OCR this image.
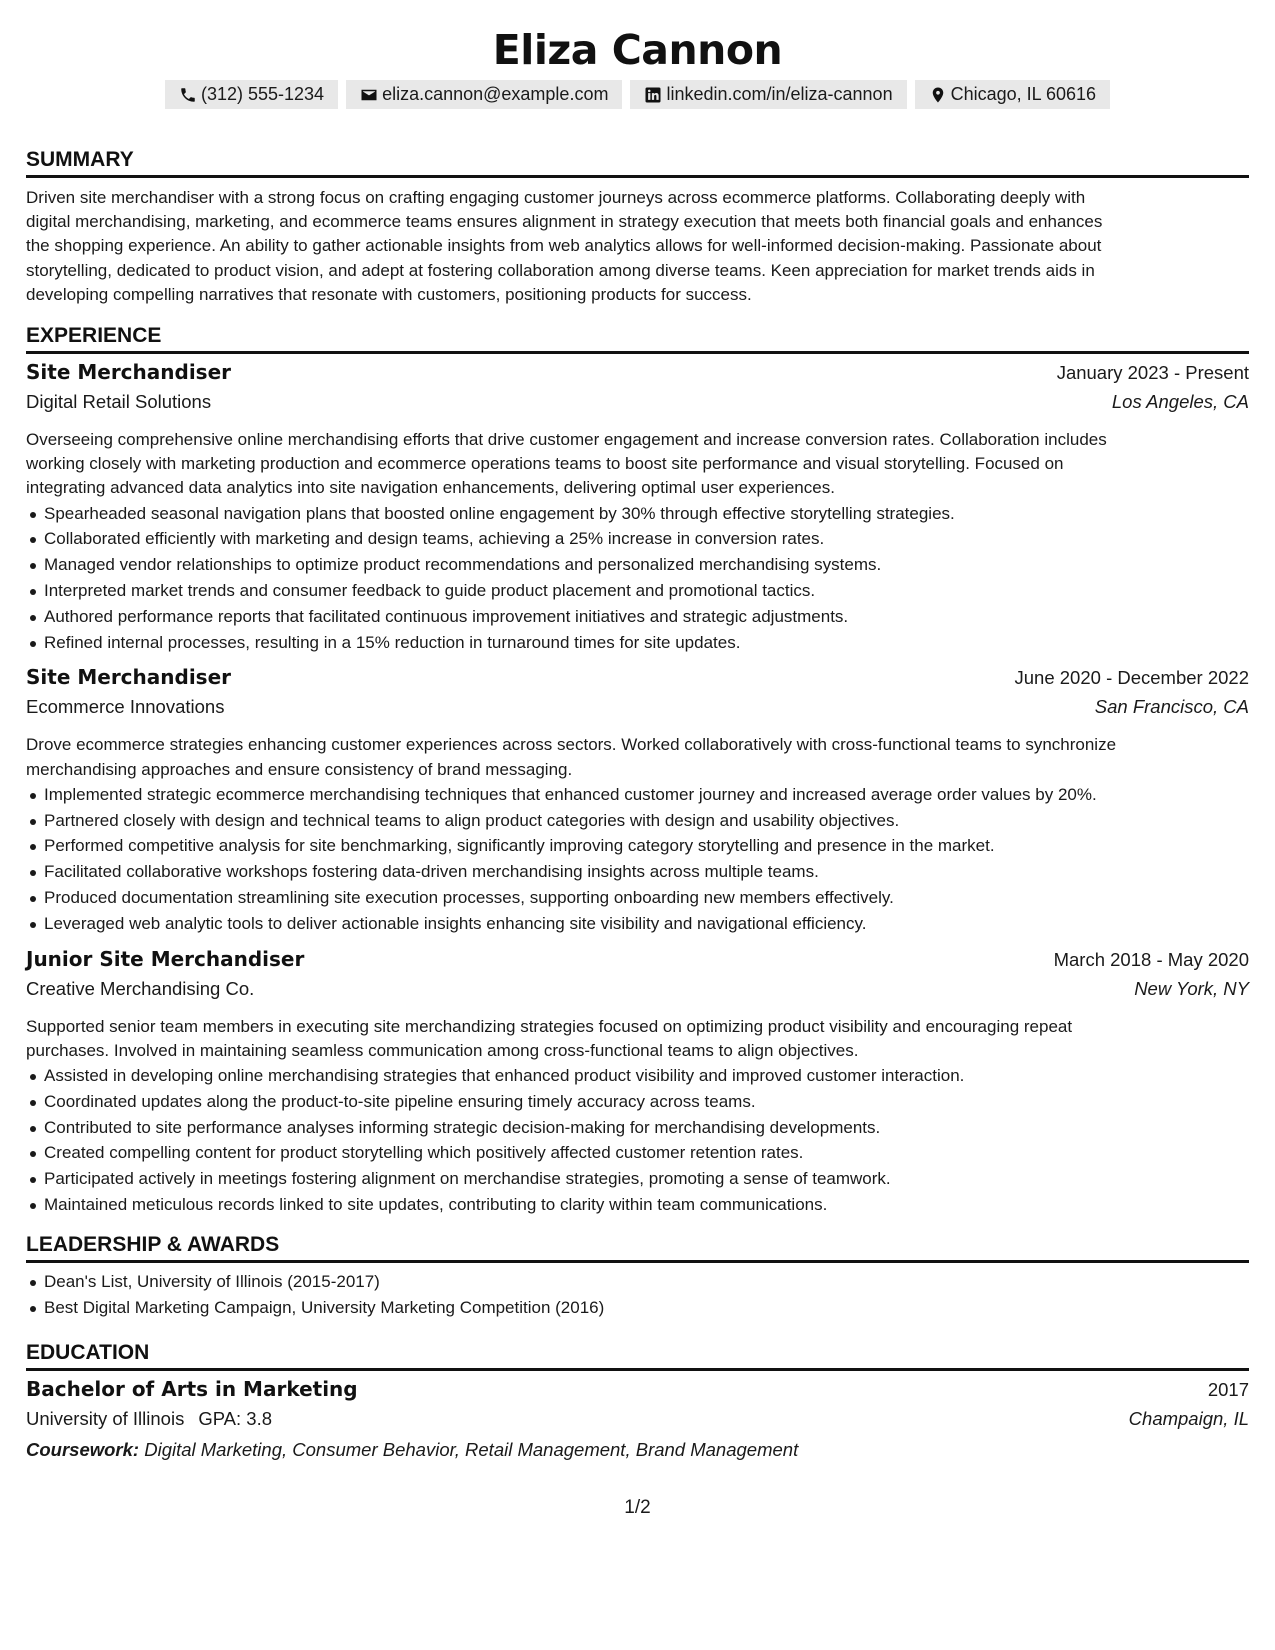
Eliza Cannon
(312) 555-1234	eliza.cannon@example.com	linkedin.com/in/eliza-cannon	Chicago, IL 60616
SUMMARY
Driven site merchandiser with a strong focus on crafting engaging customer journeys across ecommerce platforms. Collaborating deeply with
digital merchandising, marketing, and ecommerce teams ensures alignment in strategy execution that meets both financial goals and enhances
the shopping experience. An ability to gather actionable insights from web analytics allows for well-informed decision-making. Passionate about
storytelling, dedicated to product vision, and adept at fostering collaboration among diverse teams. Keen appreciation for market trends aids in
developing compelling narratives that resonate with customers, positioning products for success.
EXPERIENCE
Site Merchandiser	January 2023 - Present
Digital Retail Solutions	Los Angeles, CA
Overseeing comprehensive online merchandising efforts that drive customer engagement and increase conversion rates. Collaboration includes
working closely with marketing production and ecommerce operations teams to boost site performance and visual storytelling. Focused on
integrating advanced data analytics into site navigation enhancements, delivering optimal user experiences.
Spearheaded seasonal navigation plans that boosted online engagement by 30% through effective storytelling strategies.
Collaborated efficiently with marketing and design teams, achieving a 25% increase in conversion rates.
Managed vendor relationships to optimize product recommendations and personalized merchandising systems.
Interpreted market trends and consumer feedback to guide product placement and promotional tactics.
Authored performance reports that facilitated continuous improvement initiatives and strategic adjustments.
Refined internal processes, resulting in a 15% reduction in turnaround times for site updates.
Site Merchandiser	June 2020 - December 2022
Ecommerce Innovations	San Francisco, CA
Drove ecommerce strategies enhancing customer experiences across sectors. Worked collaboratively with cross-functional teams to synchronize
merchandising approaches and ensure consistency of brand messaging.
Implemented strategic ecommerce merchandising techniques that enhanced customer journey and increased average order values by 20%.
Partnered closely with design and technical teams to align product categories with design and usability objectives.
Performed competitive analysis for site benchmarking, significantly improving category storytelling and presence in the market.
Facilitated collaborative workshops fostering data-driven merchandising insights across multiple teams.
Produced documentation streamlining site execution processes, supporting onboarding new members effectively.
Leveraged web analytic tools to deliver actionable insights enhancing site visibility and navigational efficiency.
Junior Site Merchandiser	March 2018 - May 2020
Creative Merchandising Co.	New York, NY
Supported senior team members in executing site merchandizing strategies focused on optimizing product visibility and encouraging repeat
purchases. Involved in maintaining seamless communication among cross-functional teams to align objectives.
Assisted in developing online merchandising strategies that enhanced product visibility and improved customer interaction.
Coordinated updates along the product-to-site pipeline ensuring timely accuracy across teams.
Contributed to site performance analyses informing strategic decision-making for merchandising developments.
Created compelling content for product storytelling which positively affected customer retention rates.
Participated actively in meetings fostering alignment on merchandise strategies, promoting a sense of teamwork.
Maintained meticulous records linked to site updates, contributing to clarity within team communications.
LEADERSHIP & AWARDS
Dean's List, University of Illinois (2015-2017)
Best Digital Marketing Campaign, University Marketing Competition (2016)
EDUCATION
Bachelor of Arts in Marketing	2017
University of Illinois GPA: 3.8	Champaign, IL
Coursework: Digital Marketing, Consumer Behavior, Retail Management, Brand Management
1/2
